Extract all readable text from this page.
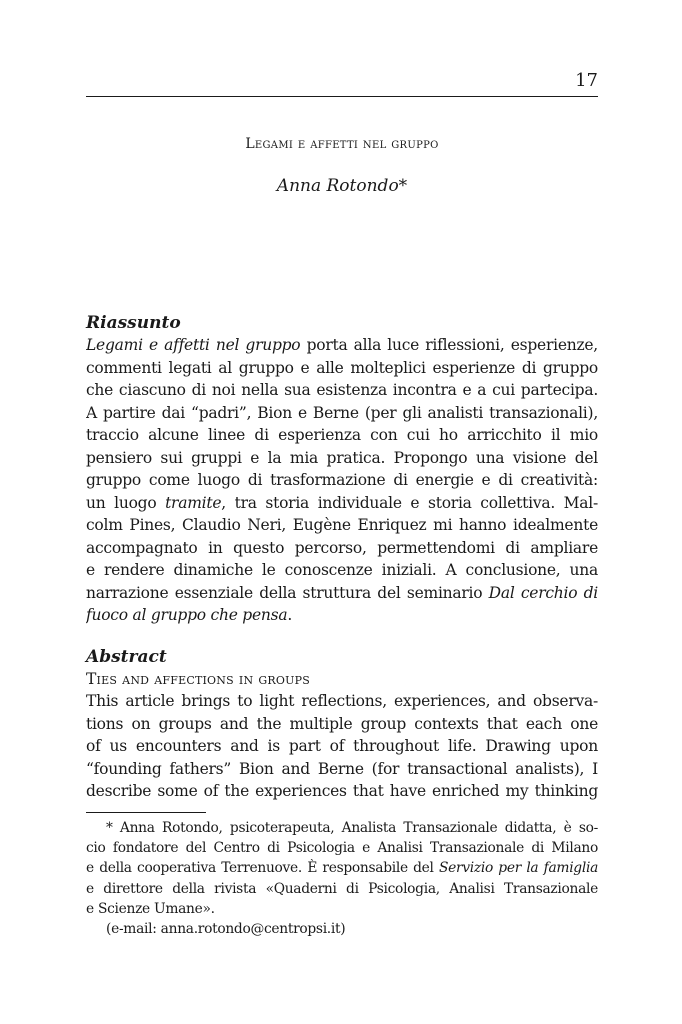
17
Legami e affetti nel gruppo
Anna Rotondo*
Riassunto
Legami e affetti nel gruppo porta alla luce riflessioni, esperienze,
commenti legati al gruppo e alle molteplici esperienze di gruppo
che ciascuno di noi nella sua esistenza incontra e a cui partecipa.
A partire dai “padri”, Bion e Berne (per gli analisti transazionali),
traccio alcune linee di esperienza con cui ho arricchito il mio
pensiero sui gruppi e la mia pratica. Propongo una visione del
gruppo come luogo di trasformazione di energie e di creatività:
un luogo tramite, tra storia individuale e storia collettiva. Mal-
colm Pines, Claudio Neri, Eugène Enriquez mi hanno idealmente
accompagnato in questo percorso, permettendomi di ampliare
e rendere dinamiche le conoscenze iniziali. A conclusione, una
narrazione essenziale della struttura del seminario Dal cerchio di
fuoco al gruppo che pensa.
Abstract
Ties and affections in groups
This article brings to light reflections, experiences, and observa-
tions on groups and the multiple group contexts that each one
of us encounters and is part of throughout life. Drawing upon
“founding fathers” Bion and Berne (for transactional analists), I
describe some of the experiences that have enriched my thinking
* Anna Rotondo, psicoterapeuta, Analista Transazionale didatta, è so-
cio fondatore del Centro di Psicologia e Analisi Transazionale di Milano
e della cooperativa Terrenuove. È responsabile del Servizio per la famiglia
e direttore della rivista «Quaderni di Psicologia, Analisi Transazionale
e Scienze Umane».
(e-mail: anna.rotondo@centropsi.it)
